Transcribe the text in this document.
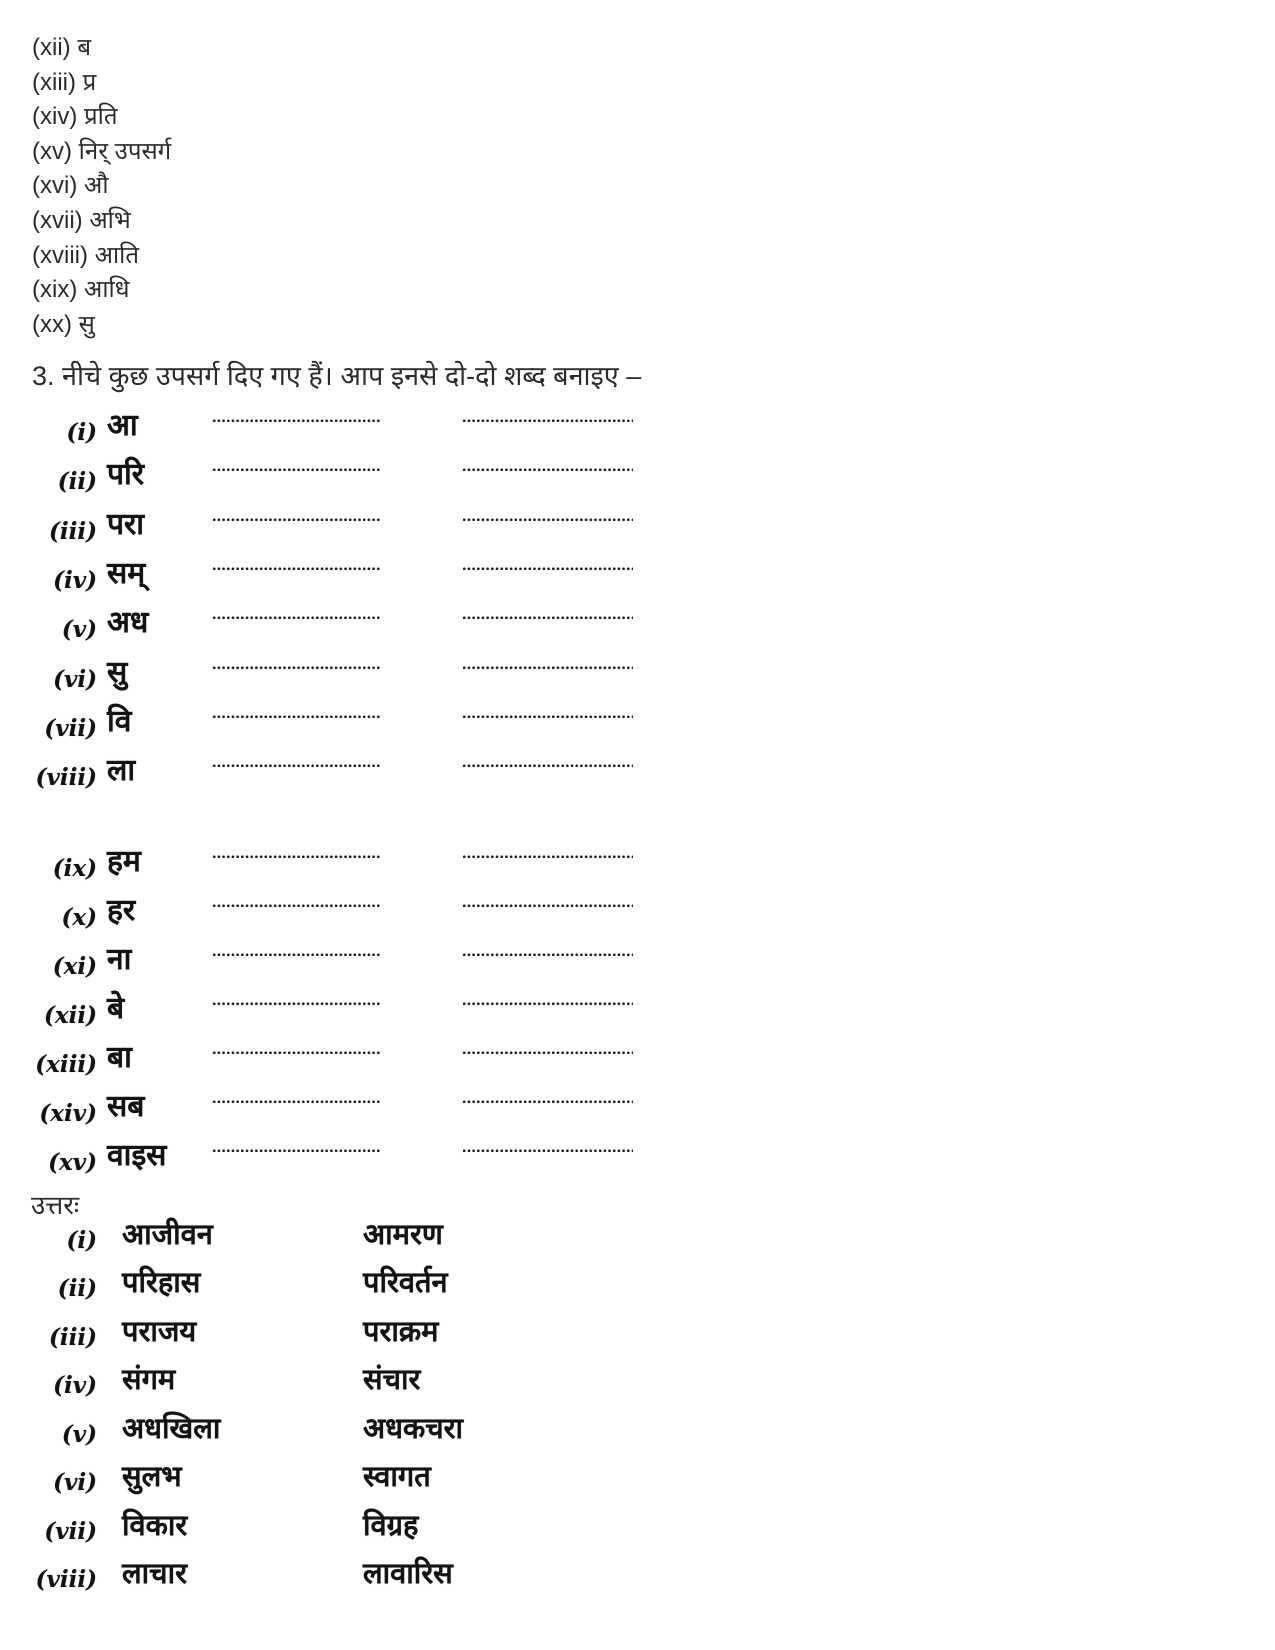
(xii) ब
(xiii) प्र
(xiv) प्रति
(xv) निर् उपसर्ग
(xvi) औ
(xvii) अभि
(xviii) आति
(xix) आधि
(xx) सु
3. नीचे कुछ उपसर्ग दिए गए हैं। आप इनसे दो-दो शब्द बनाइए –
(i) आ
(ii) परि
(iii) परा
(iv) सम्
(v) अध
(vi) सु
(vii) वि
(viii) ला
(ix) हम
(x) हर
(xi) ना
(xii) बे
(xiii) बा
(xiv) सब
(xv) वाइस
उत्तरः
(i) आजीवन	आमरण
(ii) परिहास	परिवर्तन
(iii) पराजय	पराक्रम
(iv) संगम	संचार
(v) अधखिला	अधकचरा
(vi) सुलभ	स्वागत
(vii) विकार	विग्रह
(viii) लाचार	लावारिस
